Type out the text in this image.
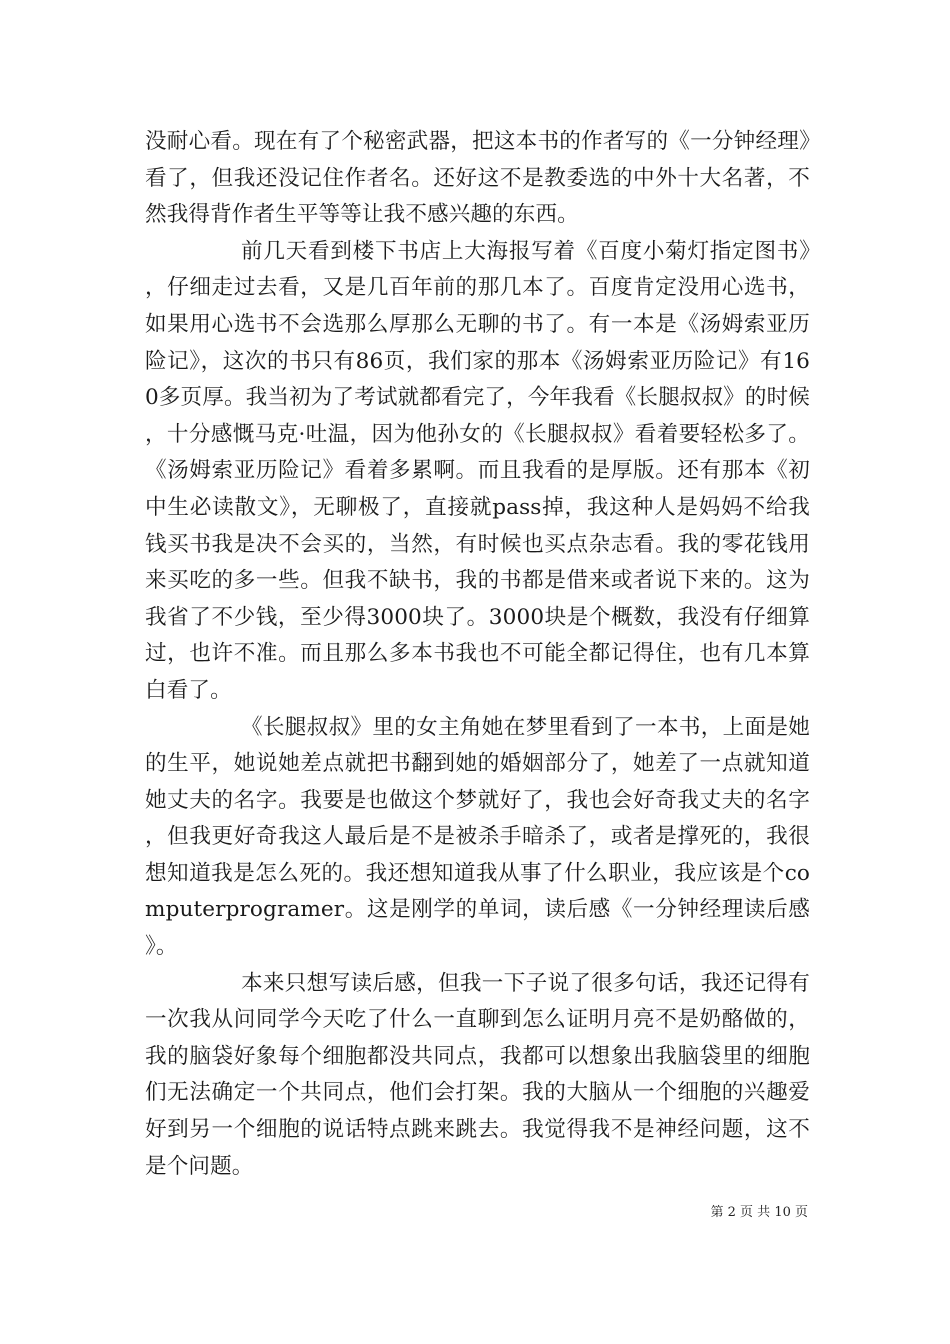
没耐心看。现在有了个秘密武器，把这本书的作者写的《一分钟经理》看了，但我还没记住作者名。还好这不是教委选的中外十大名著，不然我得背作者生平等等让我不感兴趣的东西。

前几天看到楼下书店上大海报写着《百度小菊灯指定图书》，仔细走过去看，又是几百年前的那几本了。百度肯定没用心选书，如果用心选书不会选那么厚那么无聊的书了。有一本是《汤姆索亚历险记》，这次的书只有86页，我们家的那本《汤姆索亚历险记》有160多页厚。我当初为了考试就都看完了，今年我看《长腿叔叔》的时候，十分感慨马克·吐温，因为他孙女的《长腿叔叔》看着要轻松多了。《汤姆索亚历险记》看着多累啊。而且我看的是厚版。还有那本《初中生必读散文》，无聊极了，直接就pass掉，我这种人是妈妈不给我钱买书我是决不会买的，当然，有时候也买点杂志看。我的零花钱用来买吃的多一些。但我不缺书，我的书都是借来或者说下来的。这为我省了不少钱，至少得3000块了。3000块是个概数，我没有仔细算过，也许不准。而且那么多本书我也不可能全都记得住，也有几本算白看了。

《长腿叔叔》里的女主角她在梦里看到了一本书，上面是她的生平，她说她差点就把书翻到她的婚姻部分了，她差了一点就知道她丈夫的名字。我要是也做这个梦就好了，我也会好奇我丈夫的名字，但我更好奇我这人最后是不是被杀手暗杀了，或者是撑死的，我很想知道我是怎么死的。我还想知道我从事了什么职业，我应该是个computerprogramer。这是刚学的单词，读后感《一分钟经理读后感》。

本来只想写读后感，但我一下子说了很多句话，我还记得有一次我从问同学今天吃了什么一直聊到怎么证明月亮不是奶酪做的，我的脑袋好象每个细胞都没共同点，我都可以想象出我脑袋里的细胞们无法确定一个共同点，他们会打架。我的大脑从一个细胞的兴趣爱好到另一个细胞的说话特点跳来跳去。我觉得我不是神经问题，这不是个问题。

第 2 页 共 10 页
